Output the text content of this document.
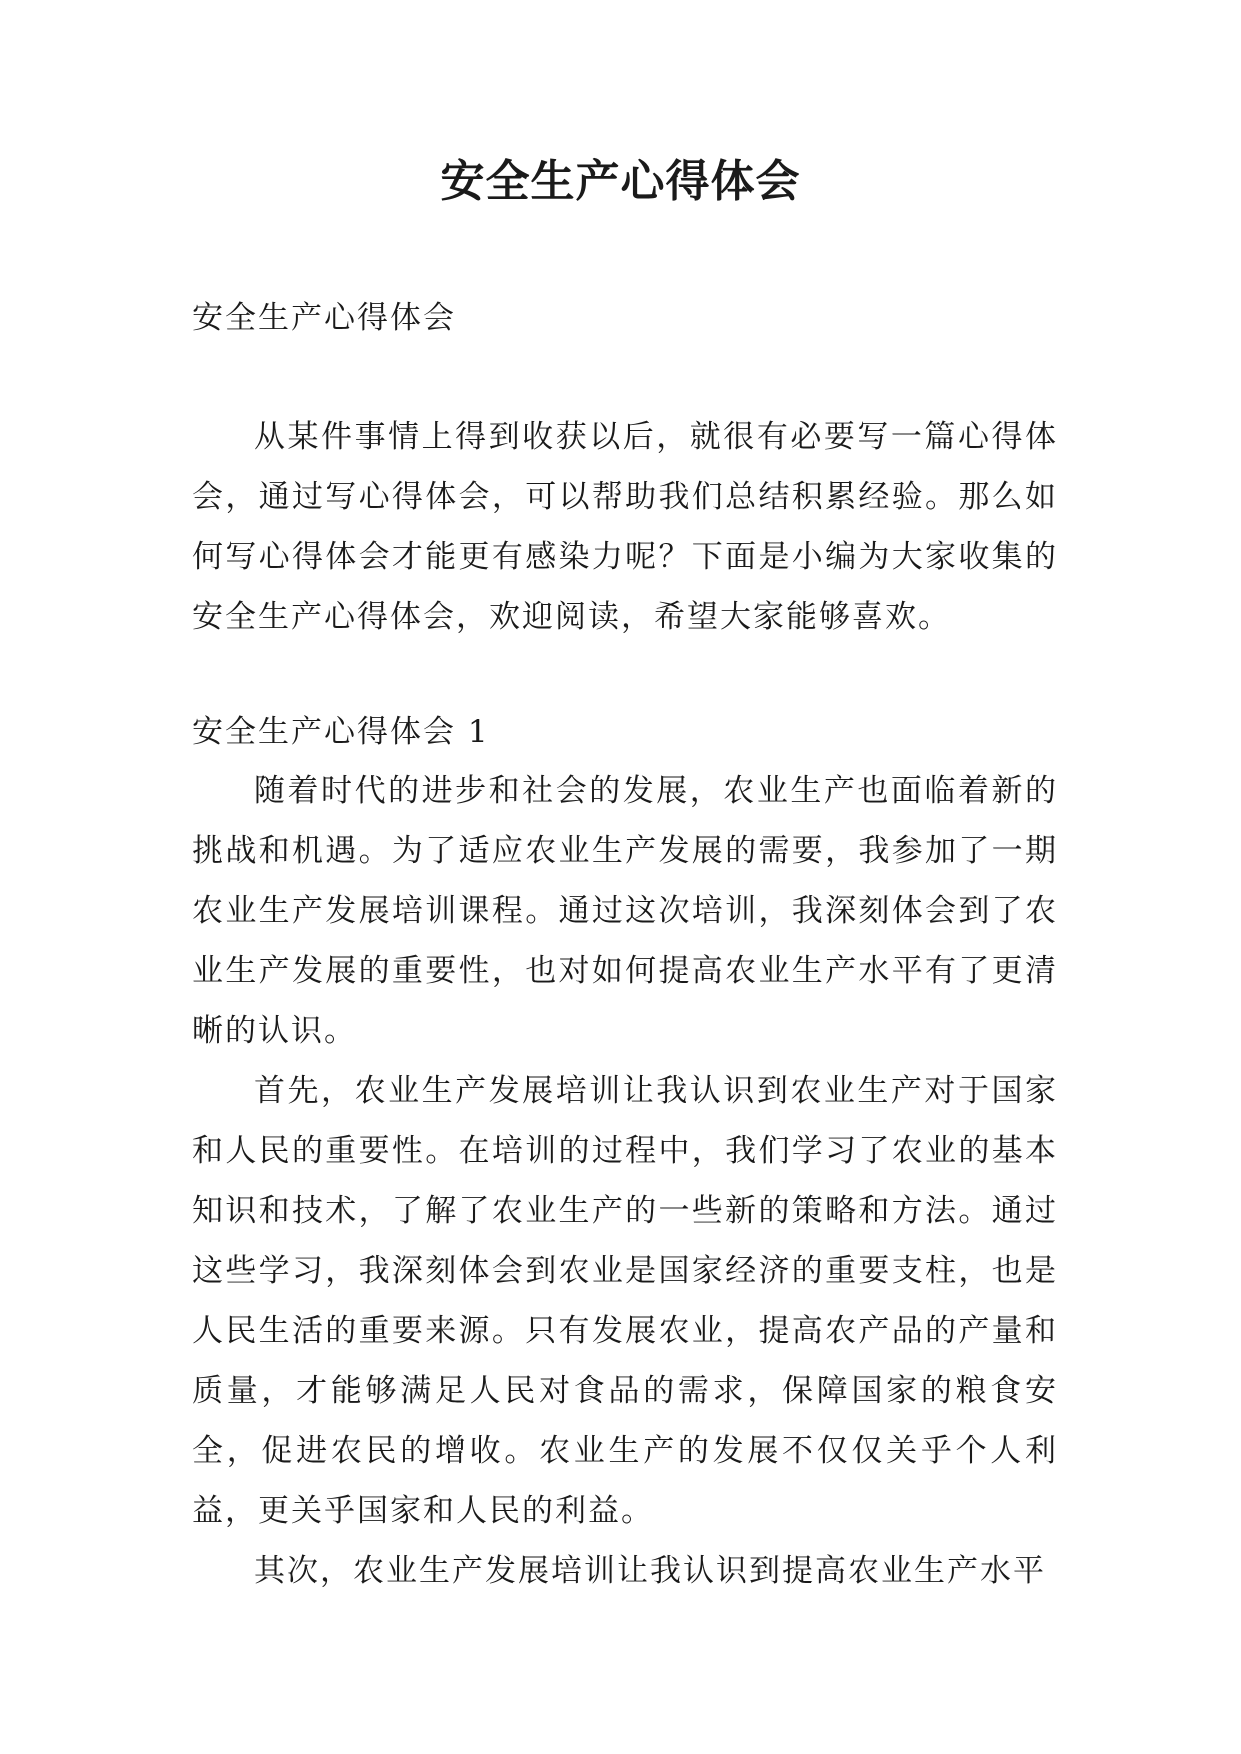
安全生产心得体会

安全生产心得体会

从某件事情上得到收获以后，就很有必要写一篇心得体会，通过写心得体会，可以帮助我们总结积累经验。那么如何写心得体会才能更有感染力呢？下面是小编为大家收集的安全生产心得体会，欢迎阅读，希望大家能够喜欢。

安全生产心得体会 1

随着时代的进步和社会的发展，农业生产也面临着新的挑战和机遇。为了适应农业生产发展的需要，我参加了一期农业生产发展培训课程。通过这次培训，我深刻体会到了农业生产发展的重要性，也对如何提高农业生产水平有了更清晰的认识。

首先，农业生产发展培训让我认识到农业生产对于国家和人民的重要性。在培训的过程中，我们学习了农业的基本知识和技术，了解了农业生产的一些新的策略和方法。通过这些学习，我深刻体会到农业是国家经济的重要支柱，也是人民生活的重要来源。只有发展农业，提高农产品的产量和质量，才能够满足人民对食品的需求，保障国家的粮食安全，促进农民的增收。农业生产的发展不仅仅关乎个人利益，更关乎国家和人民的利益。

其次，农业生产发展培训让我认识到提高农业生产水平
